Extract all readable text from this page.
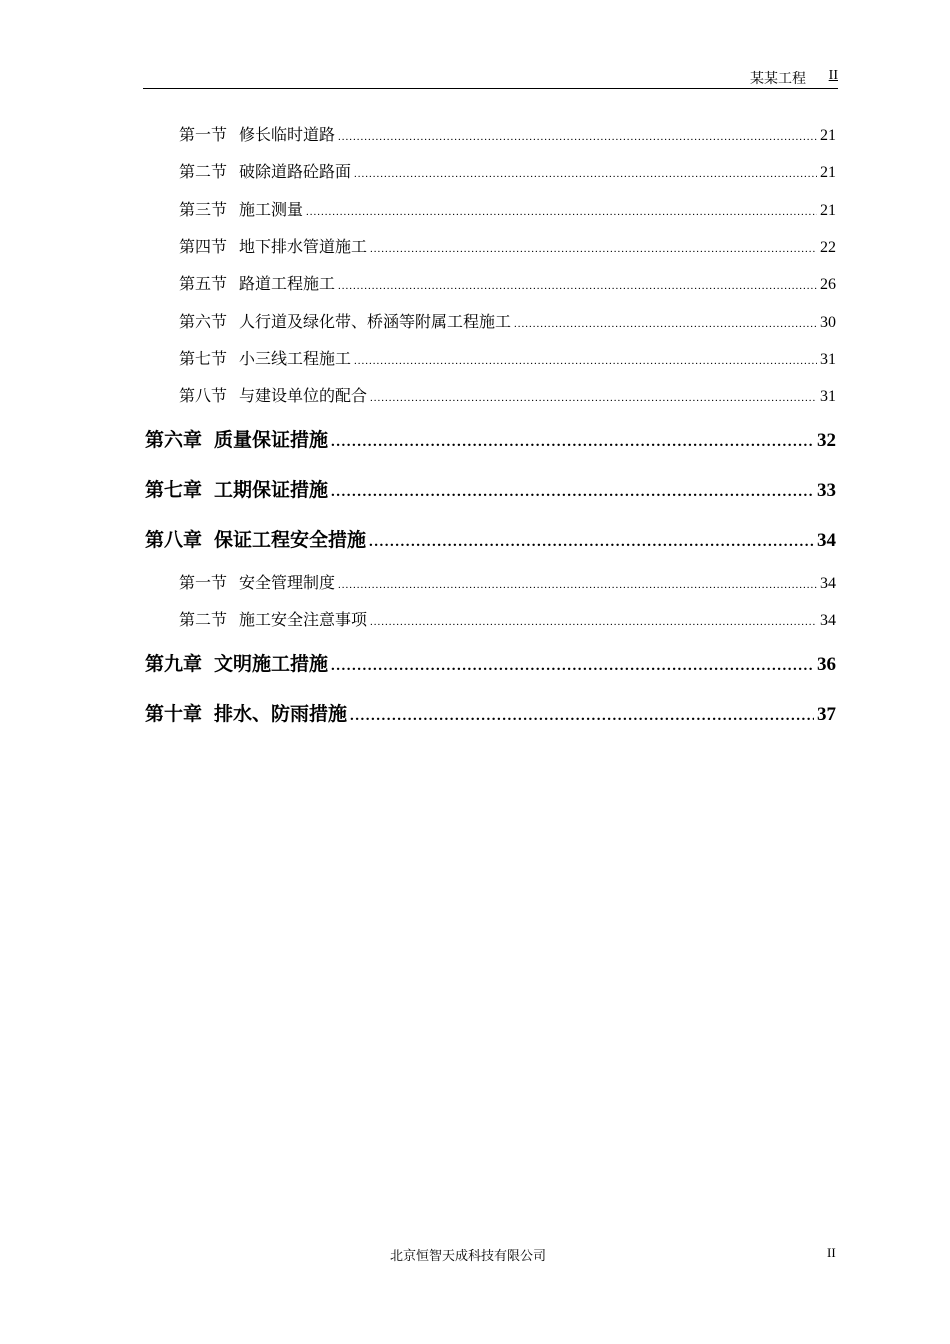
某某工程 II
第一节 修长临时道路 .....	21
第二节 破除道路砼路面 .....	21
第三节 施工测量 .....	21
第四节 地下排水管道施工 .....	22
第五节 路道工程施工 .....	26
第六节 人行道及绿化带、桥涵等附属工程施工 .....	30
第七节 小三线工程施工 .....	31
第八节 与建设单位的配合 .....	31
第六章 质量保证措施 .....	32
第七章 工期保证措施 .....	33
第八章 保证工程安全措施 .....	34
第一节 安全管理制度 .....	34
第二节 施工安全注意事项 .....	34
第九章 文明施工措施 .....	36
第十章 排水、防雨措施 .....	37
北京恒智天成科技有限公司	II
